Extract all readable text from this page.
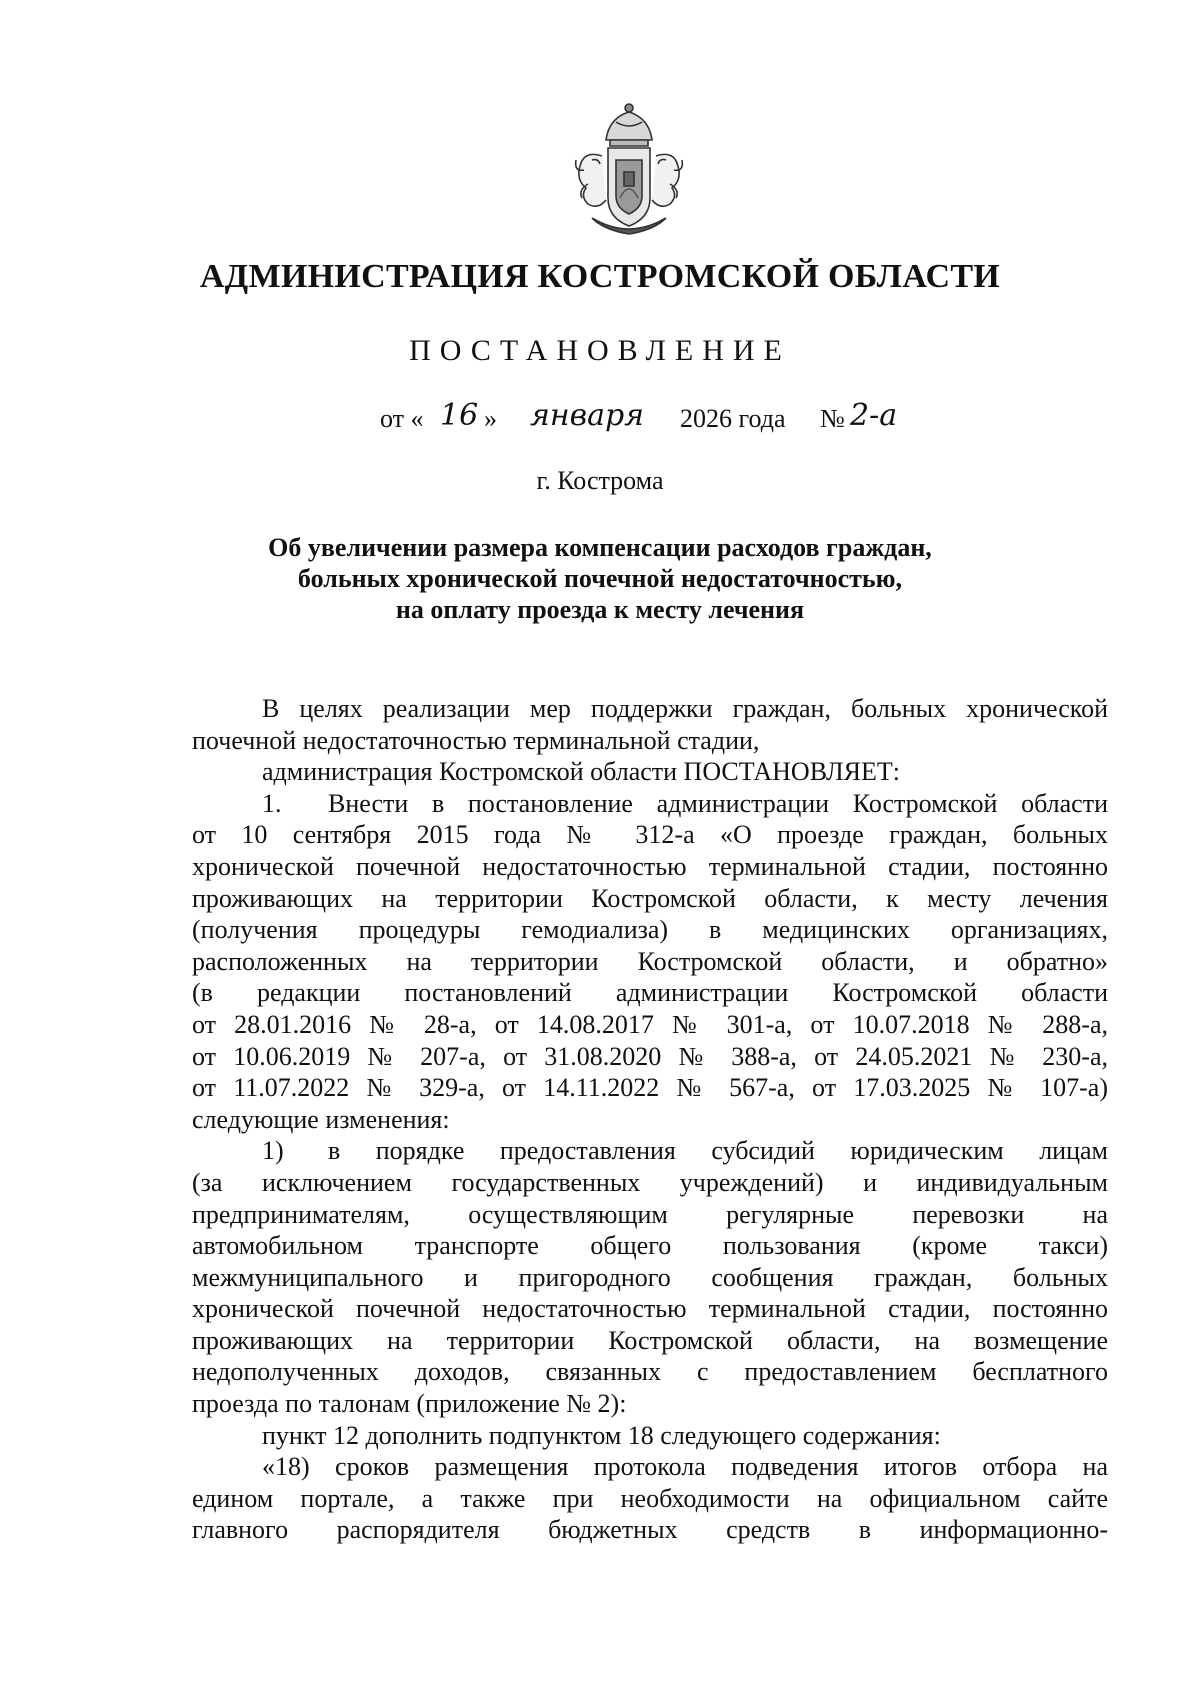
АДМИНИСТРАЦИЯ КОСТРОМСКОЙ ОБЛАСТИ
ПОСТАНОВЛЕНИЕ
от « 16 » января 2026 года № 2-а
г. Кострома
Об увеличении размера компенсации расходов граждан,
больных хронической почечной недостаточностью,
на оплату проезда к месту лечения
В целях реализации мер поддержки граждан, больных хронической
почечной недостаточностью терминальной стадии,
администрация Костромской области ПОСТАНОВЛЯЕТ:
1. Внести в постановление администрации Костромской области
от 10 сентября 2015 года № 312-а «О проезде граждан, больных
хронической почечной недостаточностью терминальной стадии, постоянно
проживающих на территории Костромской области, к месту лечения
(получения процедуры гемодиализа) в медицинских организациях,
расположенных на территории Костромской области, и обратно»
(в редакции постановлений администрации Костромской области
от 28.01.2016 № 28-а, от 14.08.2017 № 301-а, от 10.07.2018 № 288-а,
от 10.06.2019 № 207-а, от 31.08.2020 № 388-а, от 24.05.2021 № 230-а,
от 11.07.2022 № 329-а, от 14.11.2022 № 567-а, от 17.03.2025 № 107-а)
следующие изменения:
1) в порядке предоставления субсидий юридическим лицам
(за исключением государственных учреждений) и индивидуальным
предпринимателям, осуществляющим регулярные перевозки на
автомобильном транспорте общего пользования (кроме такси)
межмуниципального и пригородного сообщения граждан, больных
хронической почечной недостаточностью терминальной стадии, постоянно
проживающих на территории Костромской области, на возмещение
недополученных доходов, связанных с предоставлением бесплатного
проезда по талонам (приложение № 2):
пункт 12 дополнить подпунктом 18 следующего содержания:
«18) сроков размещения протокола подведения итогов отбора на
едином портале, а также при необходимости на официальном сайте
главного распорядителя бюджетных средств в информационно-
